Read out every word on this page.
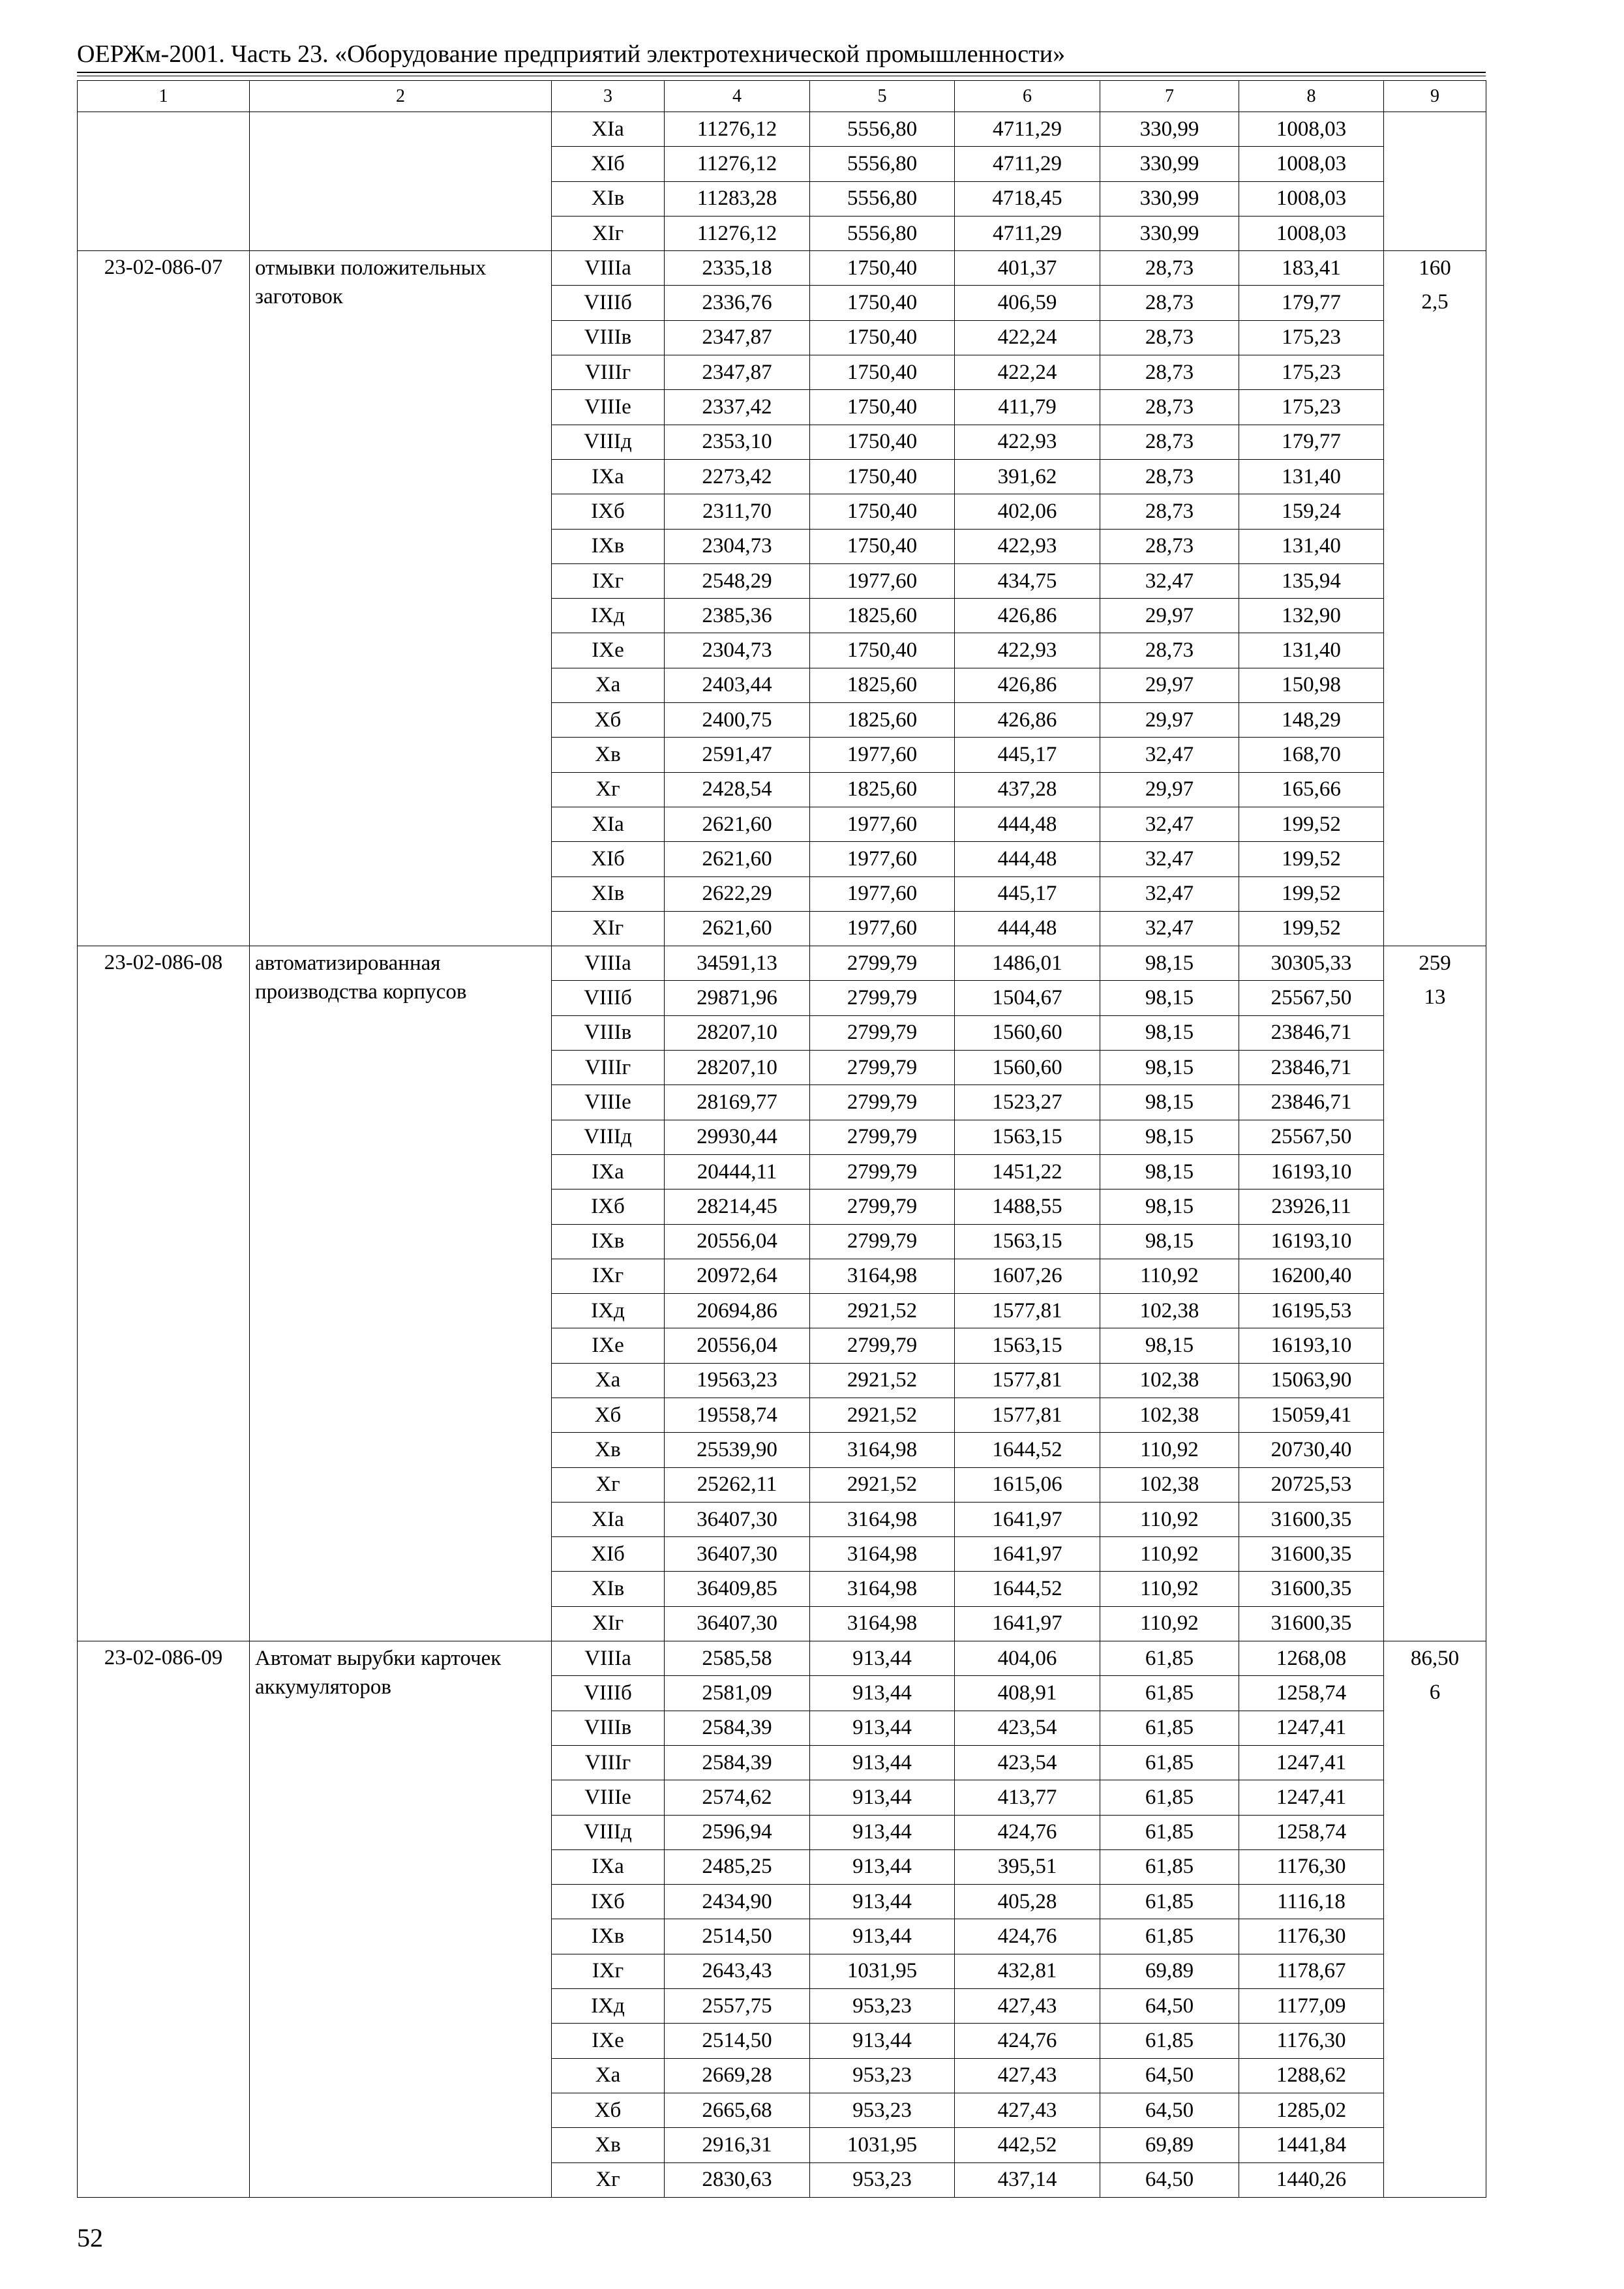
ОЕРЖм-2001. Часть 23. «Оборудование предприятий электротехнической промышленности»
1	2	3	4	5	6	7	8	9
		XIа	11276,12	5556,80	4711,29	330,99	1008,03	
		XIб	11276,12	5556,80	4711,29	330,99	1008,03	
		XIв	11283,28	5556,80	4718,45	330,99	1008,03	
		XIг	11276,12	5556,80	4711,29	330,99	1008,03	
23-02-086-07	отмывки положительных заготовок	VIIIа	2335,18	1750,40	401,37	28,73	183,41	160
2,5

		VIIIб	2336,76	1750,40	406,59	28,73	179,77	
		VIIIв	2347,87	1750,40	422,24	28,73	175,23	
		VIIIг	2347,87	1750,40	422,24	28,73	175,23	
		VIIIе	2337,42	1750,40	411,79	28,73	175,23	
		VIIIд	2353,10	1750,40	422,93	28,73	179,77	
		IXа	2273,42	1750,40	391,62	28,73	131,40	
		IXб	2311,70	1750,40	402,06	28,73	159,24	
		IXв	2304,73	1750,40	422,93	28,73	131,40	
		IXг	2548,29	1977,60	434,75	32,47	135,94	
		IXд	2385,36	1825,60	426,86	29,97	132,90	
		IXе	2304,73	1750,40	422,93	28,73	131,40	
		Xа	2403,44	1825,60	426,86	29,97	150,98	
		Xб	2400,75	1825,60	426,86	29,97	148,29	
		Xв	2591,47	1977,60	445,17	32,47	168,70	
		Xг	2428,54	1825,60	437,28	29,97	165,66	
		XIа	2621,60	1977,60	444,48	32,47	199,52	
		XIб	2621,60	1977,60	444,48	32,47	199,52	
		XIв	2622,29	1977,60	445,17	32,47	199,52	
		XIг	2621,60	1977,60	444,48	32,47	199,52	
23-02-086-08	автоматизированная производства корпусов	VIIIа	34591,13	2799,79	1486,01	98,15	30305,33	259
13

		VIIIб	29871,96	2799,79	1504,67	98,15	25567,50	
		VIIIв	28207,10	2799,79	1560,60	98,15	23846,71	
		VIIIг	28207,10	2799,79	1560,60	98,15	23846,71	
		VIIIе	28169,77	2799,79	1523,27	98,15	23846,71	
		VIIIд	29930,44	2799,79	1563,15	98,15	25567,50	
		IXа	20444,11	2799,79	1451,22	98,15	16193,10	
		IXб	28214,45	2799,79	1488,55	98,15	23926,11	
		IXв	20556,04	2799,79	1563,15	98,15	16193,10	
		IXг	20972,64	3164,98	1607,26	110,92	16200,40	
		IXд	20694,86	2921,52	1577,81	102,38	16195,53	
		IXе	20556,04	2799,79	1563,15	98,15	16193,10	
		Xа	19563,23	2921,52	1577,81	102,38	15063,90	
		Xб	19558,74	2921,52	1577,81	102,38	15059,41	
		Xв	25539,90	3164,98	1644,52	110,92	20730,40	
		Xг	25262,11	2921,52	1615,06	102,38	20725,53	
		XIа	36407,30	3164,98	1641,97	110,92	31600,35	
		XIб	36407,30	3164,98	1641,97	110,92	31600,35	
		XIв	36409,85	3164,98	1644,52	110,92	31600,35	
		XIг	36407,30	3164,98	1641,97	110,92	31600,35	
23-02-086-09	Автомат вырубки карточек аккумуляторов	VIIIа	2585,58	913,44	404,06	61,85	1268,08	86,50
6

		VIIIб	2581,09	913,44	408,91	61,85	1258,74	
		VIIIв	2584,39	913,44	423,54	61,85	1247,41	
		VIIIг	2584,39	913,44	423,54	61,85	1247,41	
		VIIIе	2574,62	913,44	413,77	61,85	1247,41	
		VIIIд	2596,94	913,44	424,76	61,85	1258,74	
		IXа	2485,25	913,44	395,51	61,85	1176,30	
		IXб	2434,90	913,44	405,28	61,85	1116,18	
		IXв	2514,50	913,44	424,76	61,85	1176,30	
		IXг	2643,43	1031,95	432,81	69,89	1178,67	
		IXд	2557,75	953,23	427,43	64,50	1177,09	
		IXе	2514,50	913,44	424,76	61,85	1176,30	
		Xа	2669,28	953,23	427,43	64,50	1288,62	
		Xб	2665,68	953,23	427,43	64,50	1285,02	
		Xв	2916,31	1031,95	442,52	69,89	1441,84	
		Xг	2830,63	953,23	437,14	64,50	1440,26	
52
